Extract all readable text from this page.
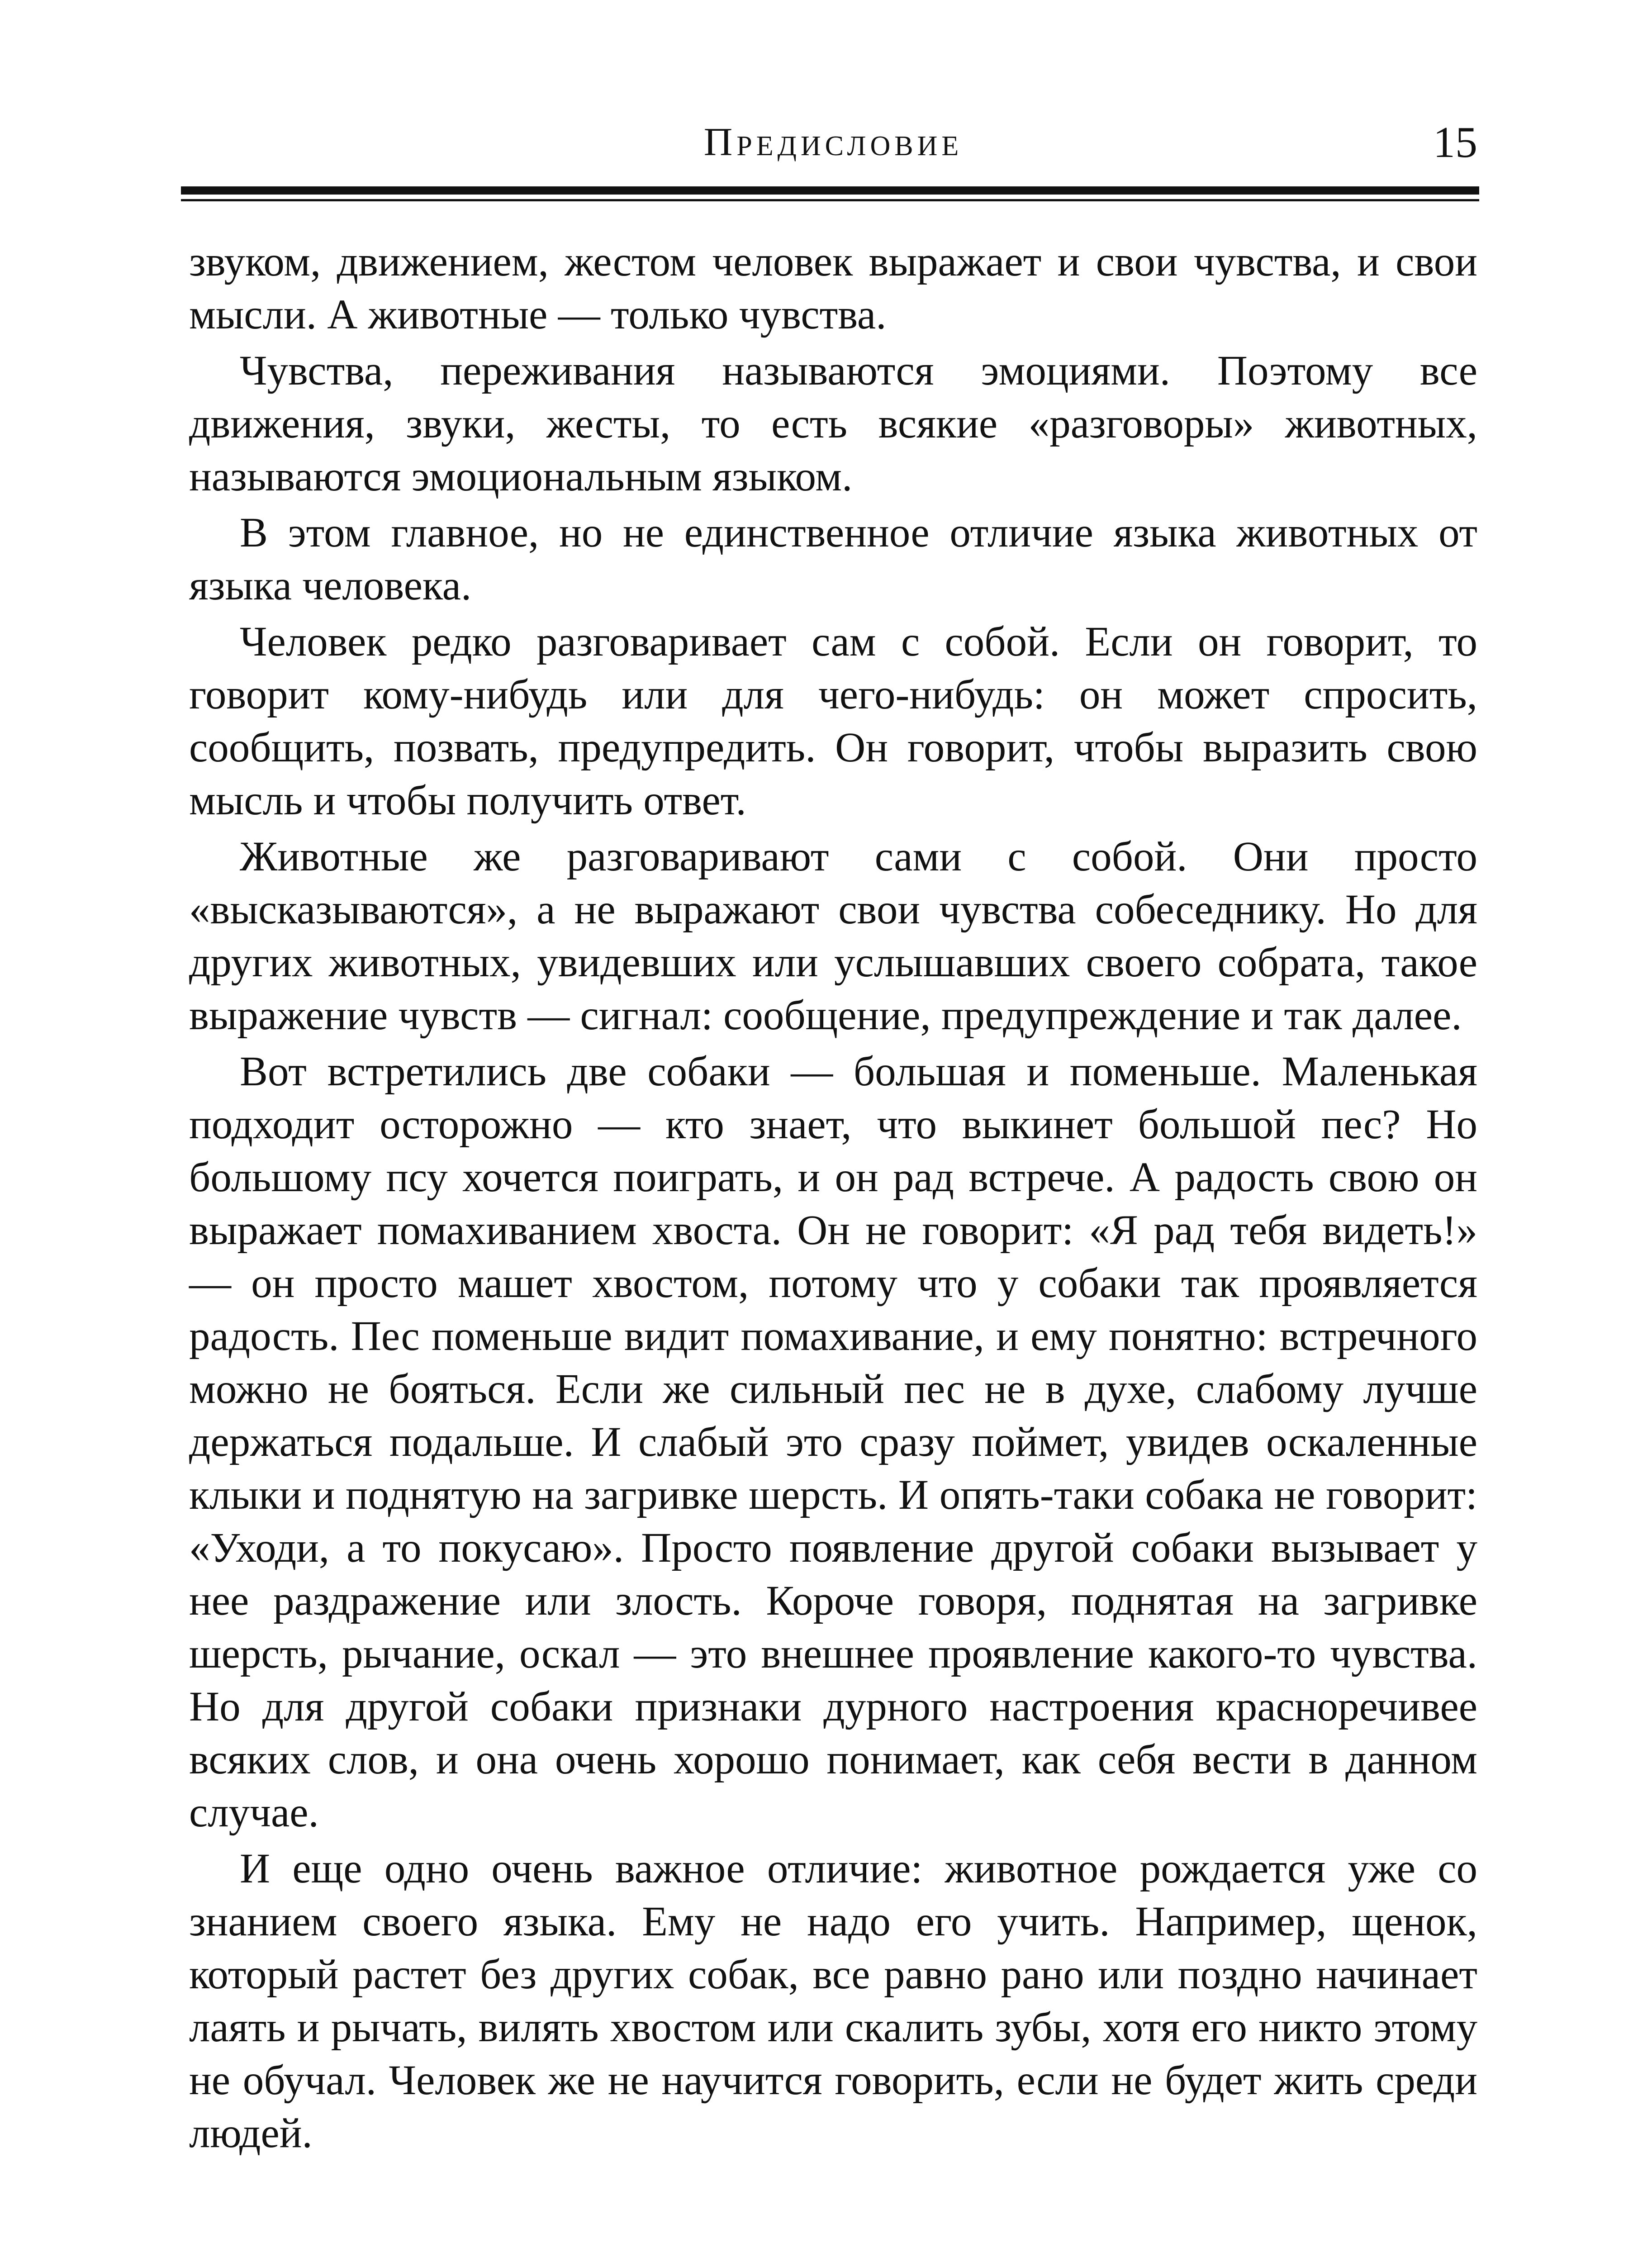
Предисловие	15

звуком, движением, жестом человек выражает и свои чувства, и свои мысли. А животные — только чувства.

Чувства, переживания называются эмоциями. Поэтому все движения, звуки, жесты, то есть всякие «разговоры» животных, называются эмоциональным языком.

В этом главное, но не единственное отличие языка животных от языка человека.

Человек редко разговаривает сам с собой. Если он говорит, то говорит кому-нибудь или для чего-нибудь: он может спросить, сообщить, позвать, предупредить. Он говорит, чтобы выразить свою мысль и чтобы получить ответ.

Животные же разговаривают сами с собой. Они просто «высказываются», а не выражают свои чувства собеседнику. Но для других животных, увидевших или услышавших своего собрата, такое выражение чувств — сигнал: сообщение, предупреждение и так далее.

Вот встретились две собаки — большая и поменьше. Маленькая подходит осторожно — кто знает, что выкинет большой пес? Но большому псу хочется поиграть, и он рад встрече. А радость свою он выражает помахиванием хвоста. Он не говорит: «Я рад тебя видеть!» — он просто машет хвостом, потому что у собаки так проявляется радость. Пес поменьше видит помахивание, и ему понятно: встречного можно не бояться. Если же сильный пес не в духе, слабому лучше держаться подальше. И слабый это сразу поймет, увидев оскаленные клыки и поднятую на загривке шерсть. И опять-таки собака не говорит: «Уходи, а то покусаю». Просто появление другой собаки вызывает у нее раздражение или злость. Короче говоря, поднятая на загривке шерсть, рычание, оскал — это внешнее проявление какого-то чувства. Но для другой собаки признаки дурного настроения красноречивее всяких слов, и она очень хорошо понимает, как себя вести в данном случае.

И еще одно очень важное отличие: животное рождается уже со знанием своего языка. Ему не надо его учить. Например, щенок, который растет без других собак, все равно рано или поздно начинает лаять и рычать, вилять хвостом или скалить зубы, хотя его никто этому не обучал. Человек же не научится говорить, если не будет жить среди людей.
